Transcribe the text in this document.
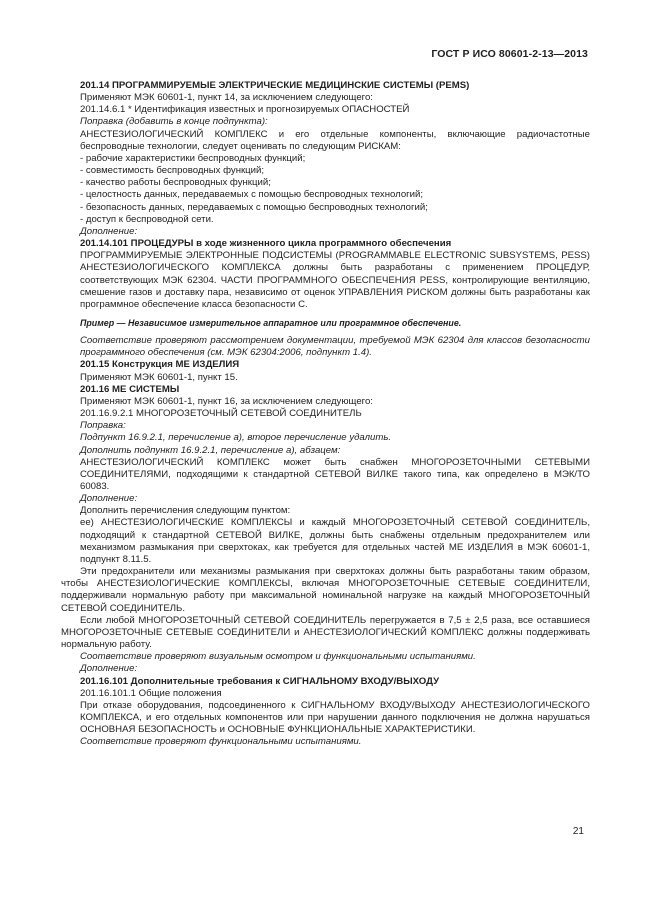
ГОСТ Р ИСО 80601-2-13—2013

201.14 ПРОГРАММИРУЕМЫЕ ЭЛЕКТРИЧЕСКИЕ МЕДИЦИНСКИЕ СИСТЕМЫ (PEMS)

Применяют МЭК 60601-1, пункт 14, за исключением следующего:

201.14.6.1 * Идентификация известных и прогнозируемых ОПАСНОСТЕЙ

Поправка (добавить в конце подпункта):

АНЕСТЕЗИОЛОГИЧЕСКИЙ КОМПЛЕКС и его отдельные компоненты, включающие радиочастотные беспроводные технологии, следует оценивать по следующим РИСКАМ:

- рабочие характеристики беспроводных функций;

- совместимость беспроводных функций;

- качество работы беспроводных функций;

- целостность данных, передаваемых с помощью беспроводных технологий;

- безопасность данных, передаваемых с помощью беспроводных технологий;

- доступ к беспроводной сети.

Дополнение:

201.14.101 ПРОЦЕДУРЫ в ходе жизненного цикла программного обеспечения

ПРОГРАММИРУЕМЫЕ ЭЛЕКТРОННЫЕ ПОДСИСТЕМЫ (PROGRAMMABLE ELECTRONIC SUBSYSTEMS, PESS) АНЕСТЕЗИОЛОГИЧЕСКОГО КОМПЛЕКСА должны быть разработаны с применением ПРОЦЕДУР, соответствующих МЭК 62304. ЧАСТИ ПРОГРАММНОГО ОБЕСПЕЧЕНИЯ PESS, контролирующие вентиляцию, смешение газов и доставку пара, независимо от оценок УПРАВЛЕНИЯ РИСКОМ должны быть разработаны как программное обеспечение класса безопасности С.

Пример — Независимое измерительное аппаратное или программное обеспечение.

Соответствие проверяют рассмотрением документации, требуемой МЭК 62304 для классов безопасности программного обеспечения (см. МЭК 62304:2006, подпункт 1.4).

201.15 Конструкция МЕ ИЗДЕЛИЯ

Применяют МЭК 60601-1, пункт 15.

201.16 МЕ СИСТЕМЫ

Применяют МЭК 60601-1, пункт 16, за исключением следующего:

201.16.9.2.1 МНОГОРОЗЕТОЧНЫЙ СЕТЕВОЙ СОЕДИНИТЕЛЬ

Поправка:

Подпункт 16.9.2.1, перечисление а), второе перечисление удалить.

Дополнить подпункт 16.9.2.1, перечисление а), абзацем:

АНЕСТЕЗИОЛОГИЧЕСКИЙ КОМПЛЕКС может быть снабжен МНОГОРОЗЕТОЧНЫМИ СЕТЕВЫМИ СОЕДИНИТЕЛЯМИ, подходящими к стандартной СЕТЕВОЙ ВИЛКЕ такого типа, как определено в МЭК/ТО 60083.

Дополнение:

Дополнить перечисления следующим пунктом:

ее) АНЕСТЕЗИОЛОГИЧЕСКИЕ КОМПЛЕКСЫ и каждый МНОГОРОЗЕТОЧНЫЙ СЕТЕВОЙ СОЕДИНИТЕЛЬ, подходящий к стандартной СЕТЕВОЙ ВИЛКЕ, должны быть снабжены отдельным предохранителем или механизмом размыкания при сверхтоках, как требуется для отдельных частей МЕ ИЗДЕЛИЯ в МЭК 60601-1, подпункт 8.11.5.

Эти предохранители или механизмы размыкания при сверхтоках должны быть разработаны таким образом, чтобы АНЕСТЕЗИОЛОГИЧЕСКИЕ КОМПЛЕКСЫ, включая МНОГОРОЗЕТОЧНЫЕ СЕТЕВЫЕ СОЕДИНИТЕЛИ, поддерживали нормальную работу при максимальной номинальной нагрузке на каждый МНОГОРОЗЕТОЧНЫЙ СЕТЕВОЙ СОЕДИНИТЕЛЬ.

Если любой МНОГОРОЗЕТОЧНЫЙ СЕТЕВОЙ СОЕДИНИТЕЛЬ перегружается в 7,5 ± 2,5 раза, все оставшиеся МНОГОРОЗЕТОЧНЫЕ СЕТЕВЫЕ СОЕДИНИТЕЛИ и АНЕСТЕЗИОЛОГИЧЕСКИЙ КОМПЛЕКС должны поддерживать нормальную работу.

Соответствие проверяют визуальным осмотром и функциональными испытаниями.

Дополнение:

201.16.101 Дополнительные требования к СИГНАЛЬНОМУ ВХОДУ/ВЫХОДУ

201.16.101.1 Общие положения

При отказе оборудования, подсоединенного к СИГНАЛЬНОМУ ВХОДУ/ВЫХОДУ АНЕСТЕЗИОЛОГИЧЕСКОГО КОМПЛЕКСА, и его отдельных компонентов или при нарушении данного подключения не должна нарушаться ОСНОВНАЯ БЕЗОПАСНОСТЬ и ОСНОВНЫЕ ФУНКЦИОНАЛЬНЫЕ ХАРАКТЕРИСТИКИ.

Соответствие проверяют функциональными испытаниями.

21
